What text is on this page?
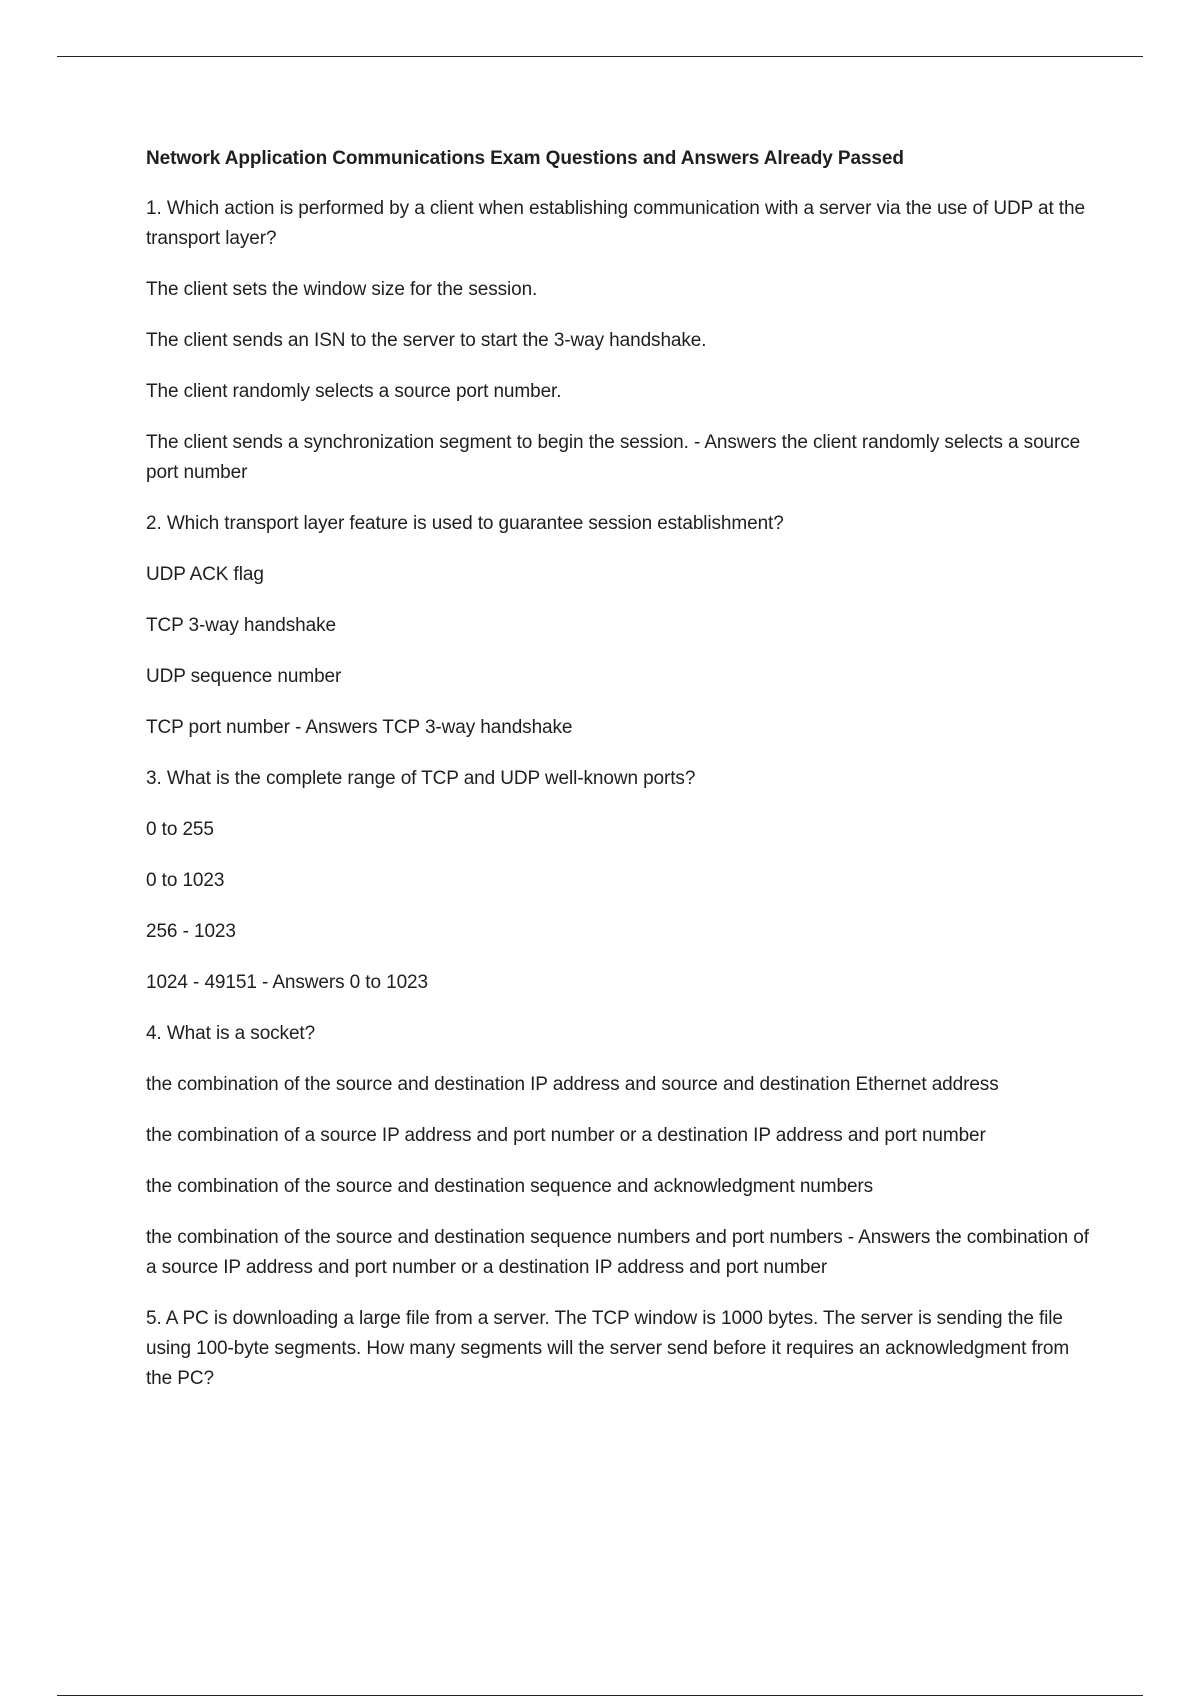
Network Application Communications Exam Questions and Answers Already Passed

1. Which action is performed by a client when establishing communication with a server via the use of UDP at the transport layer?

The client sets the window size for the session.

The client sends an ISN to the server to start the 3-way handshake.

The client randomly selects a source port number.

The client sends a synchronization segment to begin the session. - Answers the client randomly selects a source port number

2. Which transport layer feature is used to guarantee session establishment?

UDP ACK flag

TCP 3-way handshake

UDP sequence number

TCP port number - Answers TCP 3-way handshake

3. What is the complete range of TCP and UDP well-known ports?

0 to 255

0 to 1023

256 - 1023

1024 - 49151 - Answers 0 to 1023

4. What is a socket?

the combination of the source and destination IP address and source and destination Ethernet address

the combination of a source IP address and port number or a destination IP address and port number

the combination of the source and destination sequence and acknowledgment numbers

the combination of the source and destination sequence numbers and port numbers - Answers the combination of a source IP address and port number or a destination IP address and port number

5. A PC is downloading a large file from a server. The TCP window is 1000 bytes. The server is sending the file using 100-byte segments. How many segments will the server send before it requires an acknowledgment from the PC?
